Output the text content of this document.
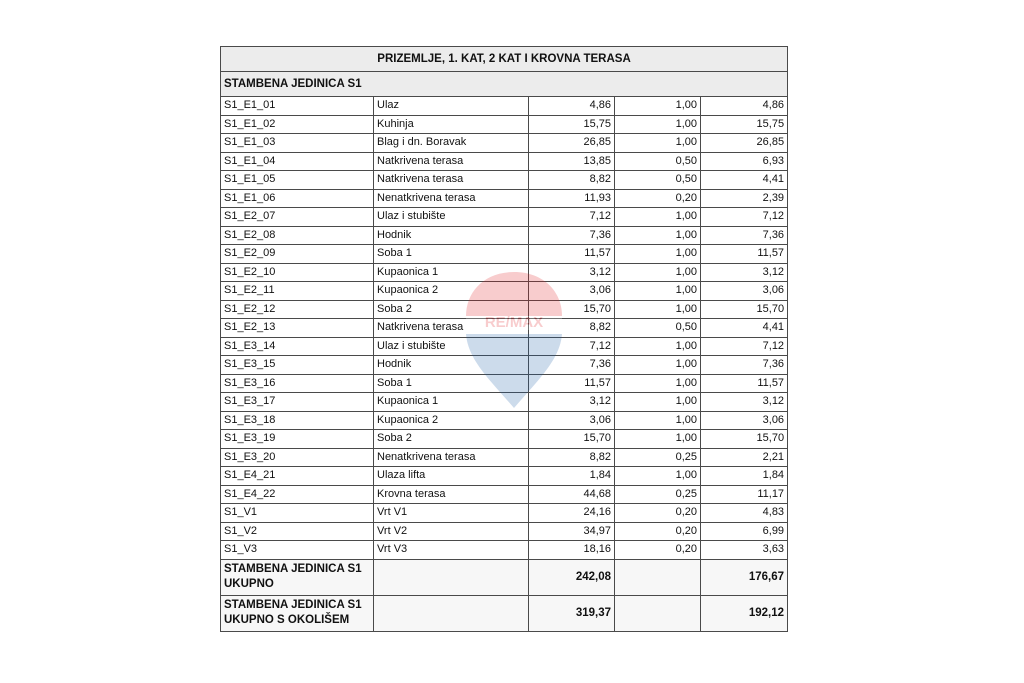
PRIZEMLJE, 1. KAT, 2 KAT I KROVNA TERASA				
STAMBENA JEDINICA S1				
S1_E1_01	Ulaz	4,86	1,00	4,86
S1_E1_02	Kuhinja	15,75	1,00	15,75
S1_E1_03	Blag i dn. Boravak	26,85	1,00	26,85
S1_E1_04	Natkrivena terasa	13,85	0,50	6,93
S1_E1_05	Natkrivena terasa	8,82	0,50	4,41
S1_E1_06	Nenatkrivena terasa	11,93	0,20	2,39
S1_E2_07	Ulaz i stubište	7,12	1,00	7,12
S1_E2_08	Hodnik	7,36	1,00	7,36
S1_E2_09	Soba 1	11,57	1,00	11,57
S1_E2_10	Kupaonica 1	3,12	1,00	3,12
S1_E2_11	Kupaonica 2	3,06	1,00	3,06
S1_E2_12	Soba 2	15,70	1,00	15,70
S1_E2_13	Natkrivena terasa	8,82	0,50	4,41
S1_E3_14	Ulaz i stubište	7,12	1,00	7,12
S1_E3_15	Hodnik	7,36	1,00	7,36
S1_E3_16	Soba 1	11,57	1,00	11,57
S1_E3_17	Kupaonica 1	3,12	1,00	3,12
S1_E3_18	Kupaonica 2	3,06	1,00	3,06
S1_E3_19	Soba 2	15,70	1,00	15,70
S1_E3_20	Nenatkrivena terasa	8,82	0,25	2,21
S1_E4_21	Ulaza lifta	1,84	1,00	1,84
S1_E4_22	Krovna terasa	44,68	0,25	11,17
S1_V1	Vrt V1	24,16	0,20	4,83
S1_V2	Vrt V2	34,97	0,20	6,99
S1_V3	Vrt V3	18,16	0,20	3,63
STAMBENA JEDINICA S1 UKUPNO		242,08		176,67
STAMBENA JEDINICA S1 UKUPNO S OKOLIŠEM		319,37		192,12
RE/MAX
